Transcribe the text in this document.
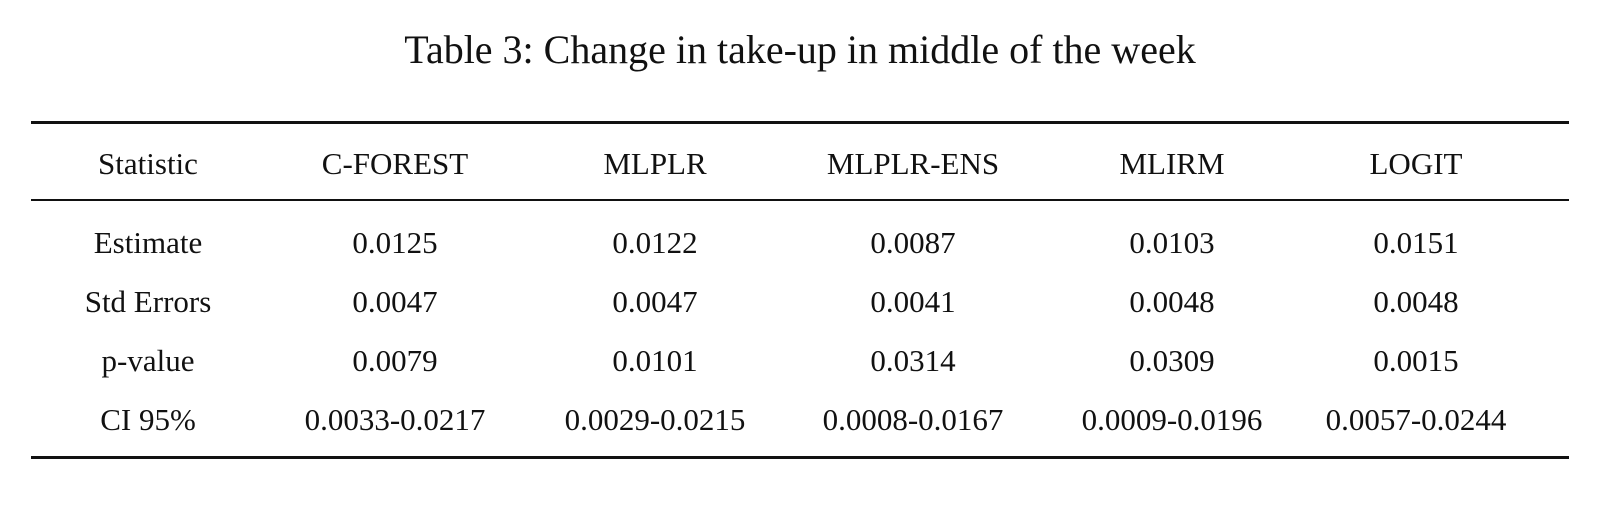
Table 3: Change in take-up in middle of the week
Statistic	C-FOREST	MLPLR	MLPLR-ENS	MLIRM	LOGIT
Estimate	0.0125	0.0122	0.0087	0.0103	0.0151
Std Errors	0.0047	0.0047	0.0041	0.0048	0.0048
p-value	0.0079	0.0101	0.0314	0.0309	0.0015
CI 95%	0.0033-0.0217	0.0029-0.0215	0.0008-0.0167	0.0009-0.0196	0.0057-0.0244
